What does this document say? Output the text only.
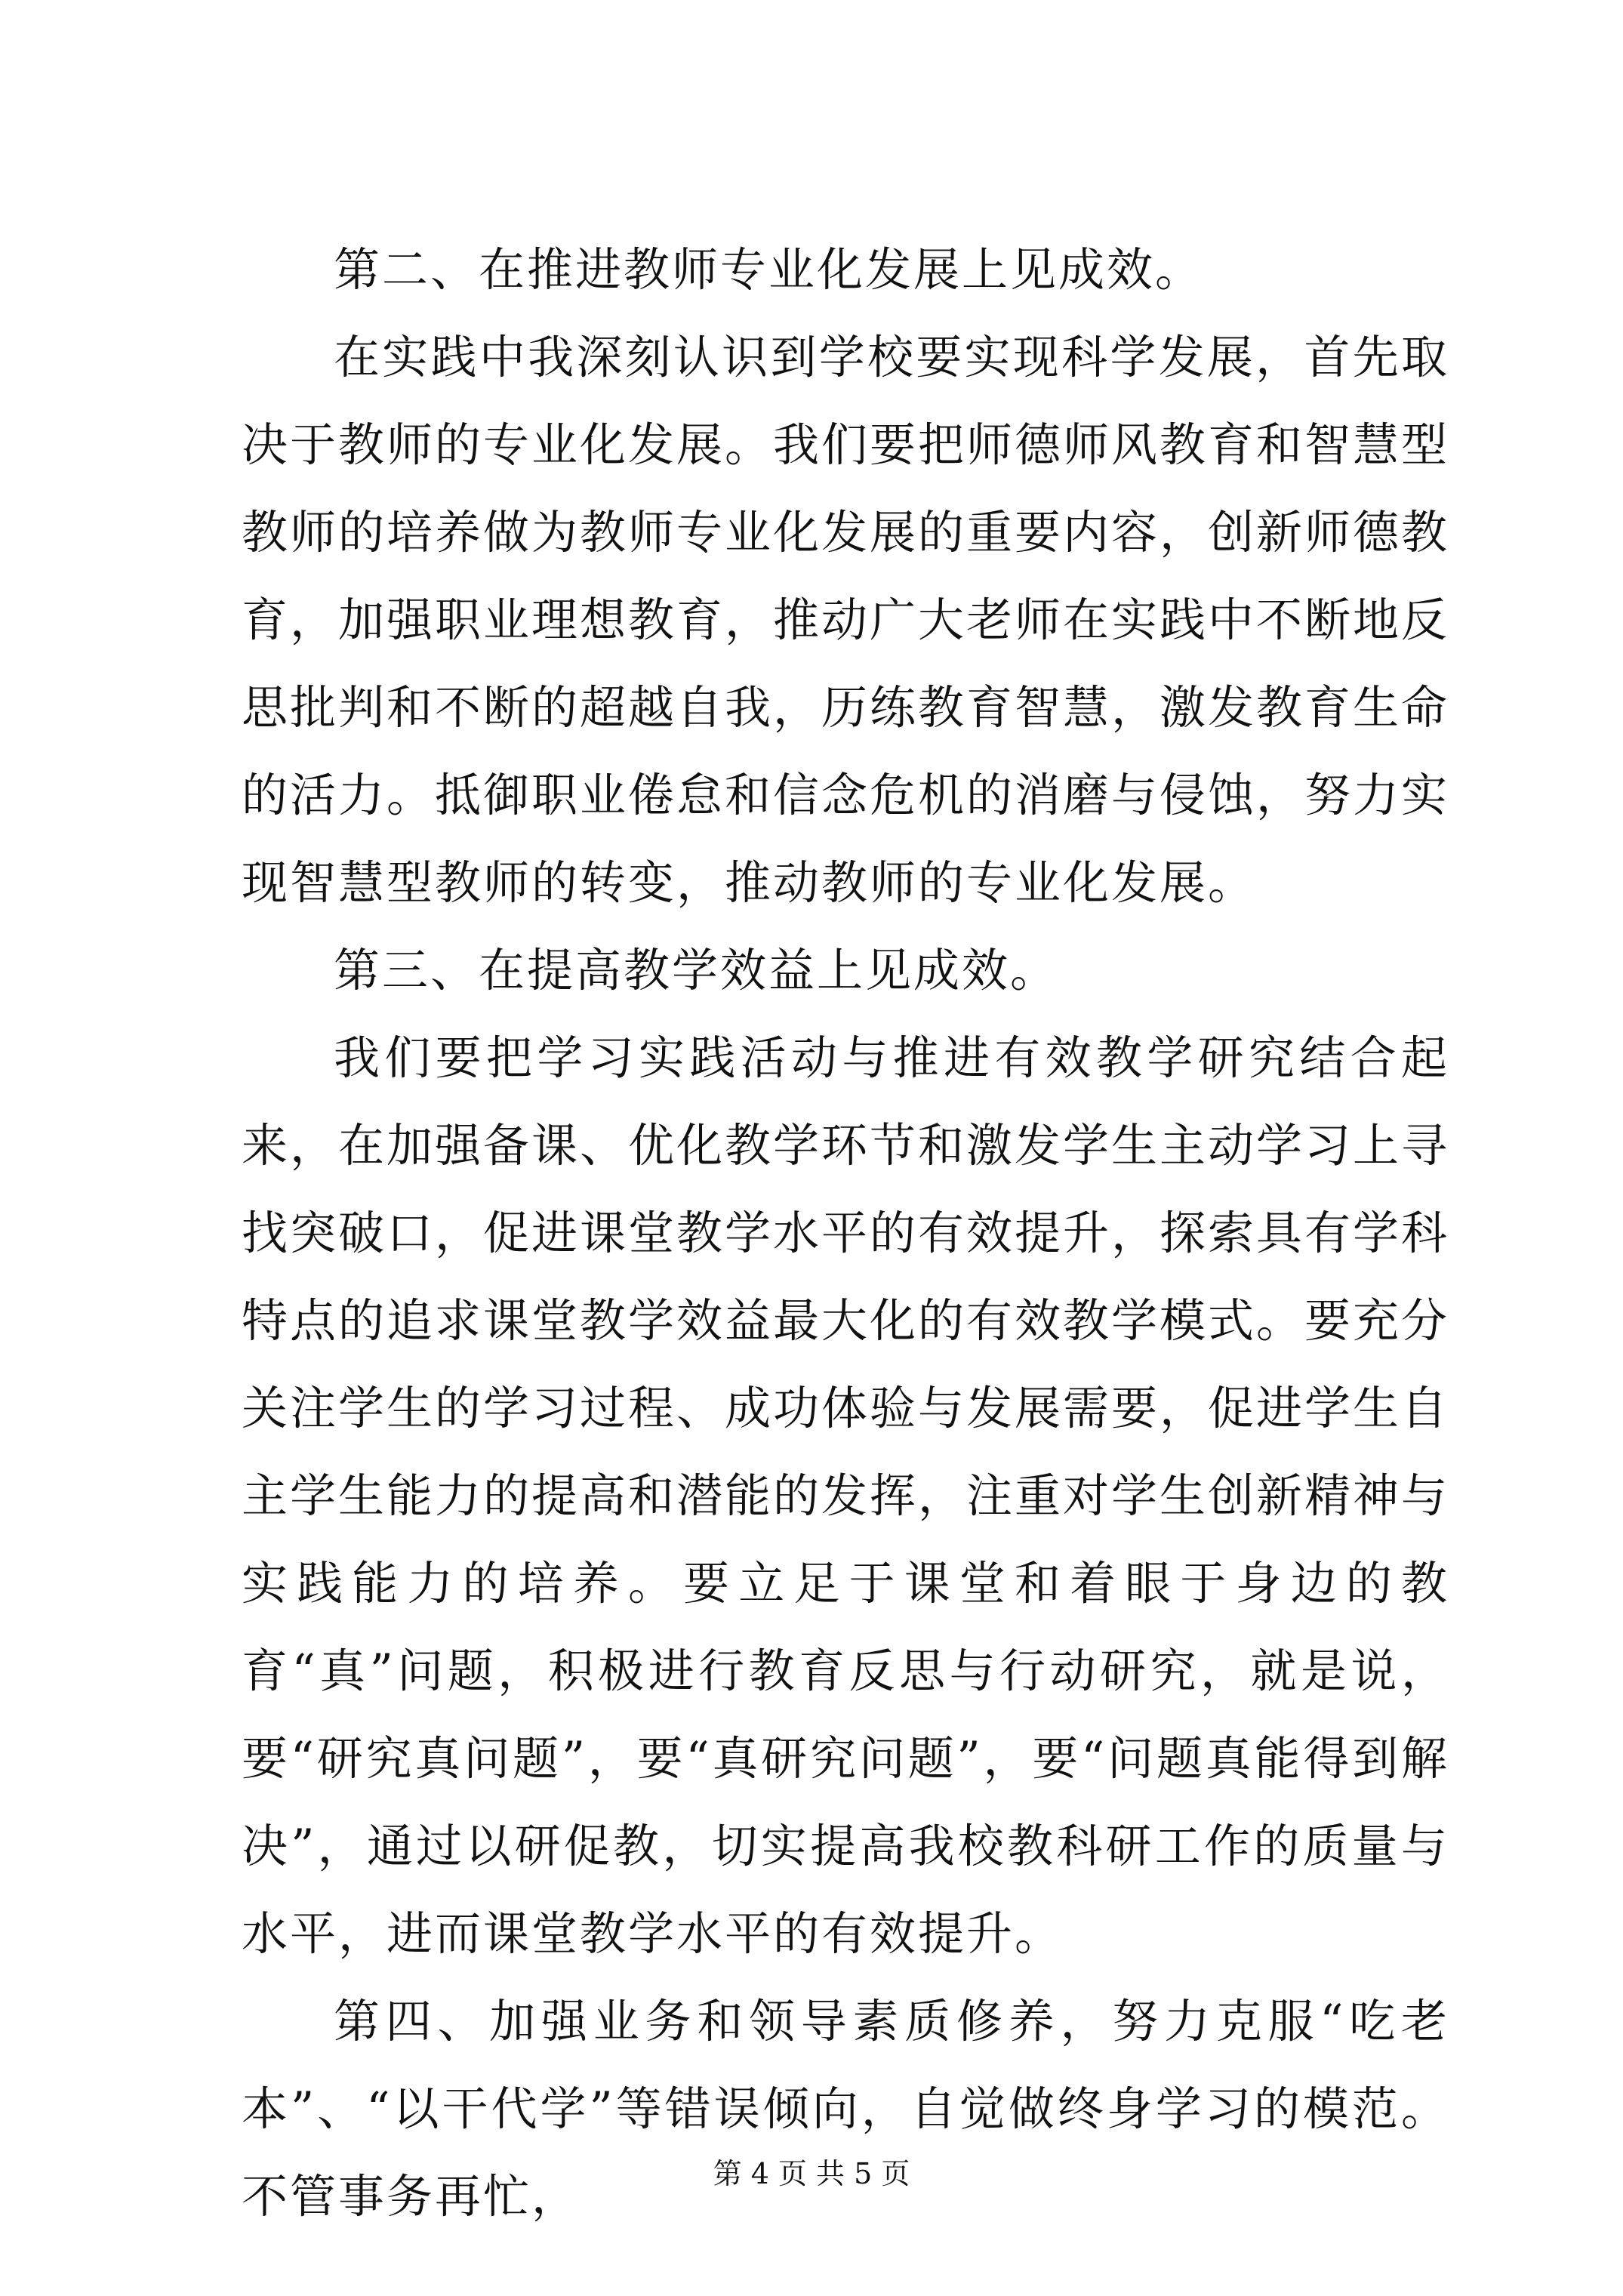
第二、在推进教师专业化发展上见成效。

在实践中我深刻认识到学校要实现科学发展，首先取决于教师的专业化发展。我们要把师德师风教育和智慧型教师的培养做为教师专业化发展的重要内容，创新师德教育，加强职业理想教育，推动广大老师在实践中不断地反思批判和不断的超越自我，历练教育智慧，激发教育生命的活力。抵御职业倦怠和信念危机的消磨与侵蚀，努力实现智慧型教师的转变，推动教师的专业化发展。

第三、在提高教学效益上见成效。

我们要把学习实践活动与推进有效教学研究结合起来，在加强备课、优化教学环节和激发学生主动学习上寻找突破口，促进课堂教学水平的有效提升，探索具有学科特点的追求课堂教学效益最大化的有效教学模式。要充分关注学生的学习过程、成功体验与发展需要，促进学生自主学生能力的提高和潜能的发挥，注重对学生创新精神与实践能力的培养。要立足于课堂和着眼于身边的教育“真”问题，积极进行教育反思与行动研究，就是说，要“研究真问题”，要“真研究问题”，要“问题真能得到解决”，通过以研促教，切实提高我校教科研工作的质量与水平，进而课堂教学水平的有效提升。

第四、加强业务和领导素质修养，努力克服“吃老本”、“以干代学”等错误倾向，自觉做终身学习的模范。不管事务再忙，	第 4 页 共 5 页
